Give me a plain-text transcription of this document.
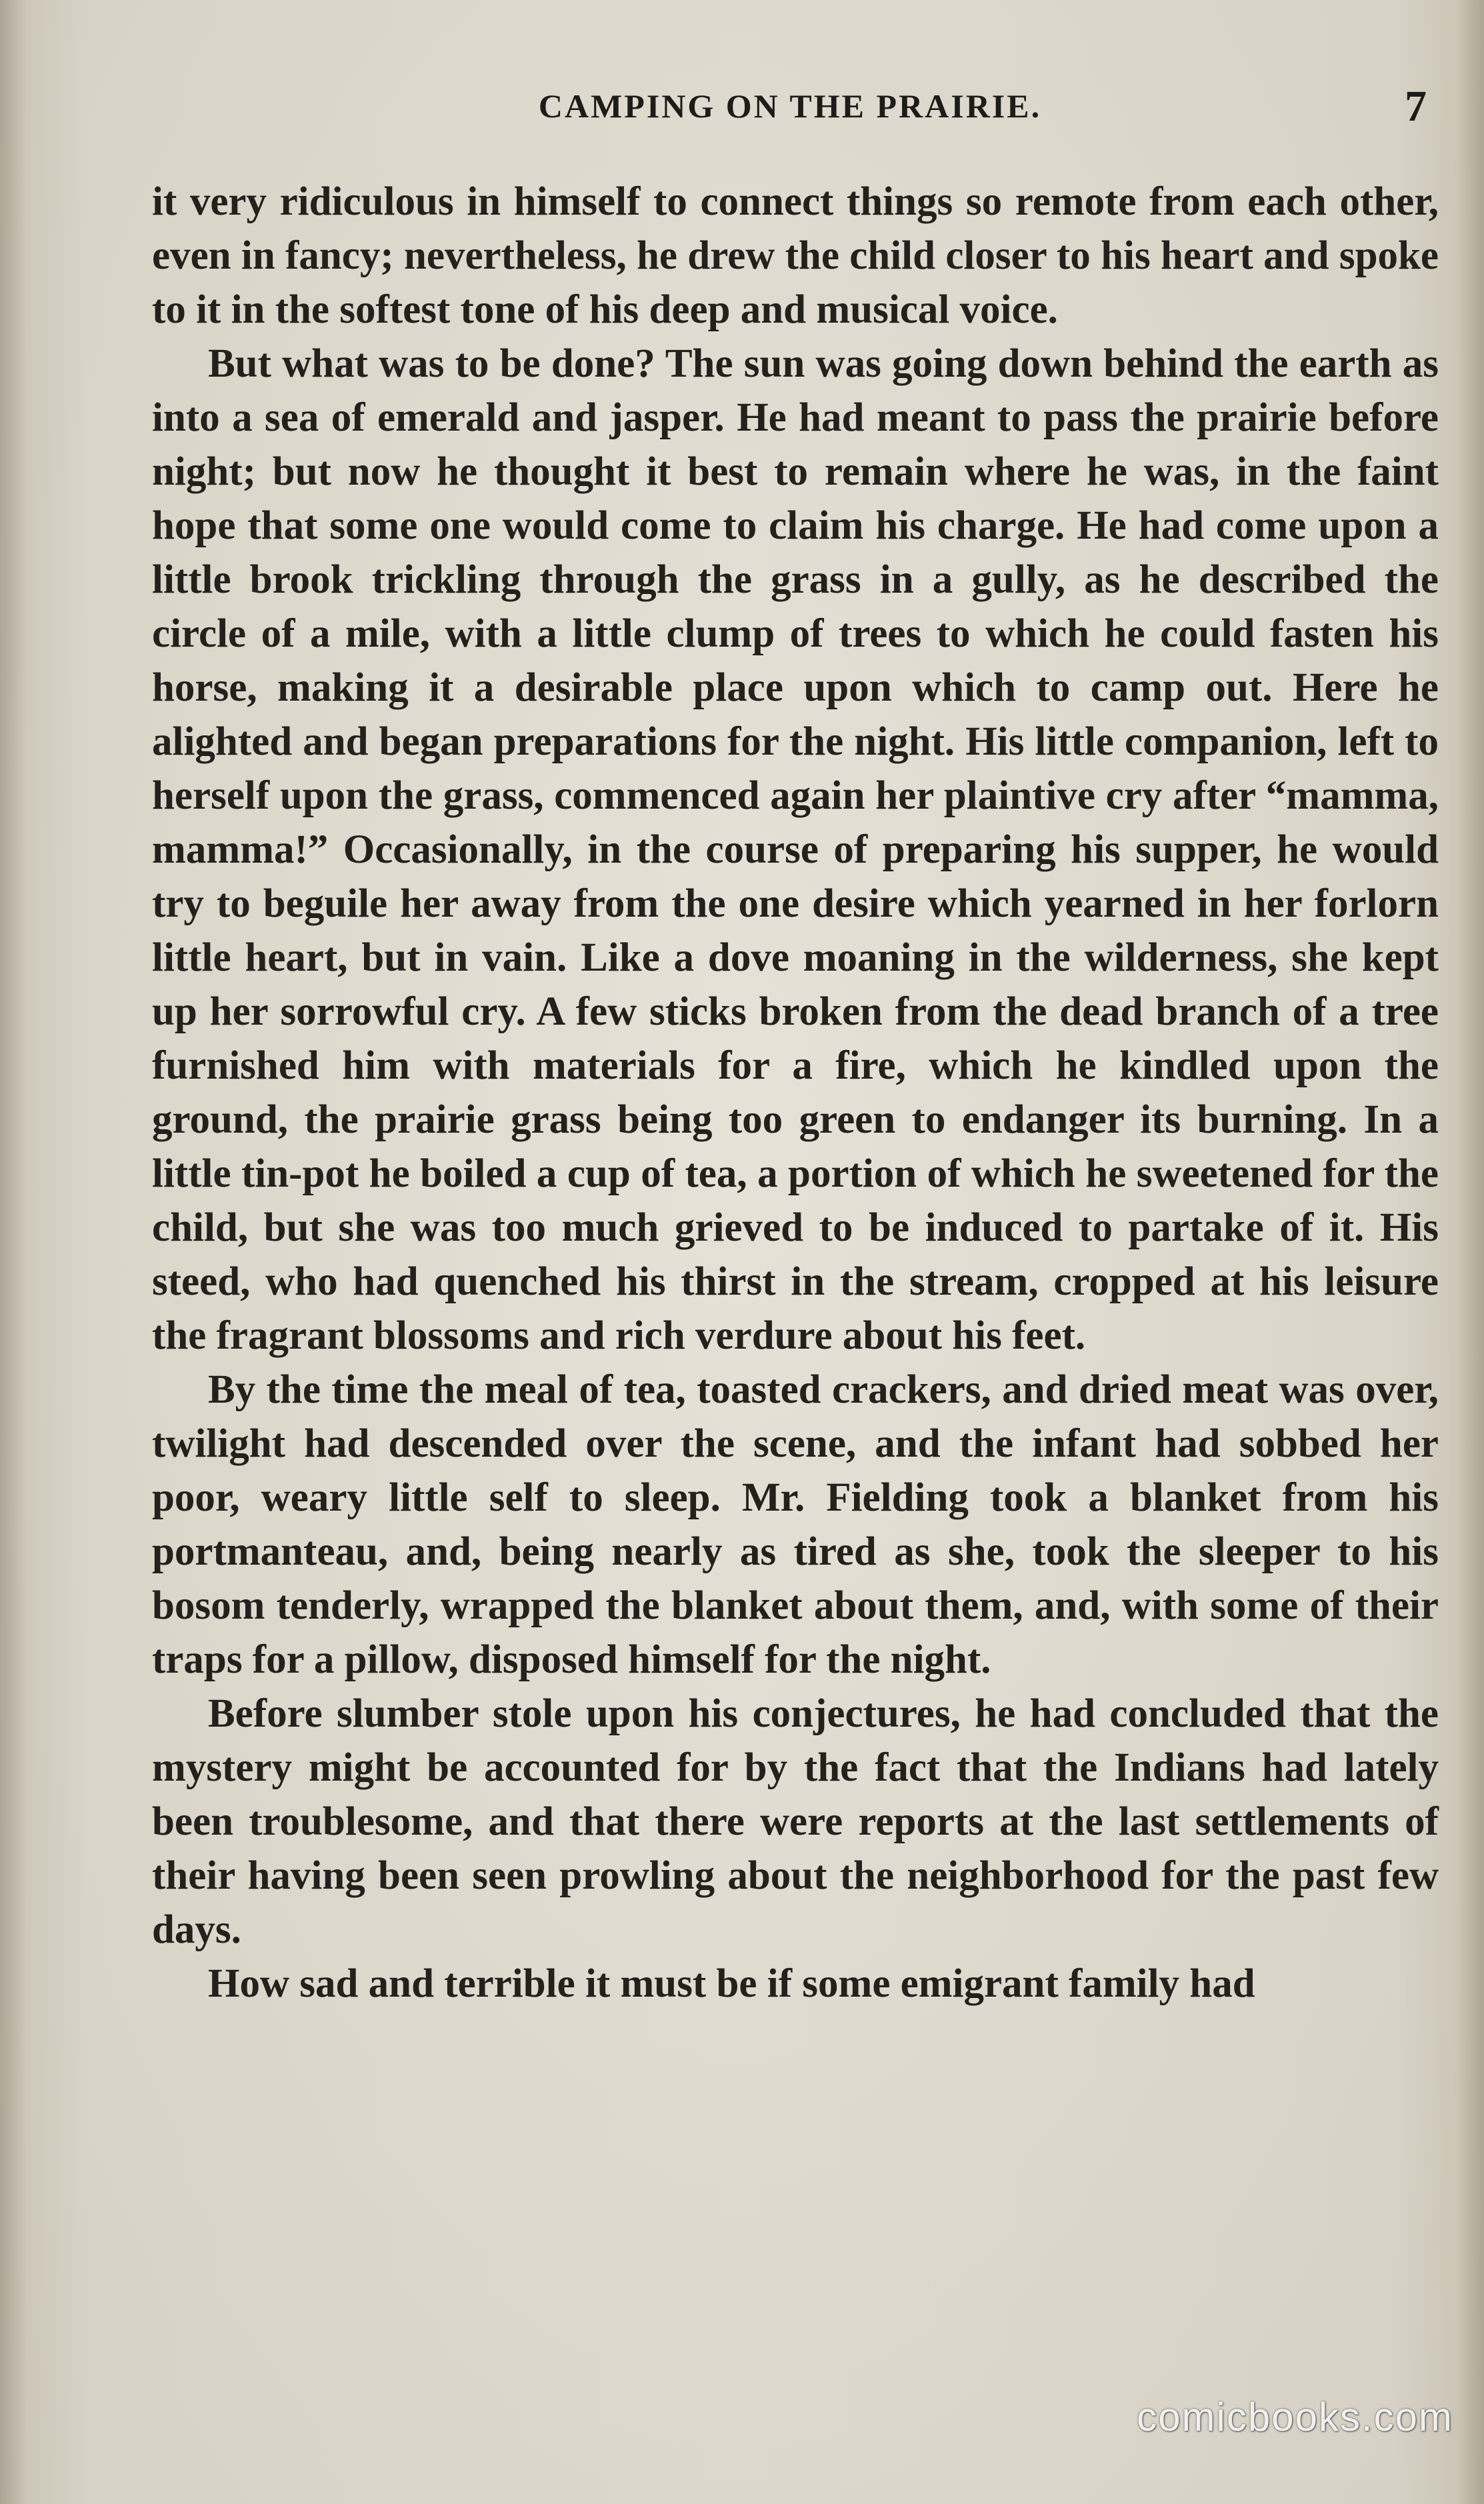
CAMPING ON THE PRAIRIE.	7

it very ridiculous in himself to connect things so remote from each other, even in fancy; nevertheless, he drew the child closer to his heart and spoke to it in the softest tone of his deep and musical voice.

But what was to be done? The sun was going down behind the earth as into a sea of emerald and jasper. He had meant to pass the prairie before night; but now he thought it best to remain where he was, in the faint hope that some one would come to claim his charge. He had come upon a little brook trickling through the grass in a gully, as he described the circle of a mile, with a little clump of trees to which he could fasten his horse, making it a desirable place upon which to camp out. Here he alighted and began preparations for the night. His little companion, left to herself upon the grass, commenced again her plaintive cry after “mamma, mamma!” Occasionally, in the course of preparing his supper, he would try to beguile her away from the one desire which yearned in her forlorn little heart, but in vain. Like a dove moaning in the wilderness, she kept up her sorrowful cry. A few sticks broken from the dead branch of a tree furnished him with materials for a fire, which he kindled upon the ground, the prairie grass being too green to endanger its burning. In a little tin-pot he boiled a cup of tea, a portion of which he sweetened for the child, but she was too much grieved to be induced to partake of it. His steed, who had quenched his thirst in the stream, cropped at his leisure the fragrant blossoms and rich verdure about his feet.

By the time the meal of tea, toasted crackers, and dried meat was over, twilight had descended over the scene, and the infant had sobbed her poor, weary little self to sleep. Mr. Fielding took a blanket from his portmanteau, and, being nearly as tired as she, took the sleeper to his bosom tenderly, wrapped the blanket about them, and, with some of their traps for a pillow, disposed himself for the night.

Before slumber stole upon his conjectures, he had concluded that the mystery might be accounted for by the fact that the Indians had lately been troublesome, and that there were reports at the last settlements of their having been seen prowling about the neighborhood for the past few days.

How sad and terrible it must be if some emigrant family had

comicbooks.com
